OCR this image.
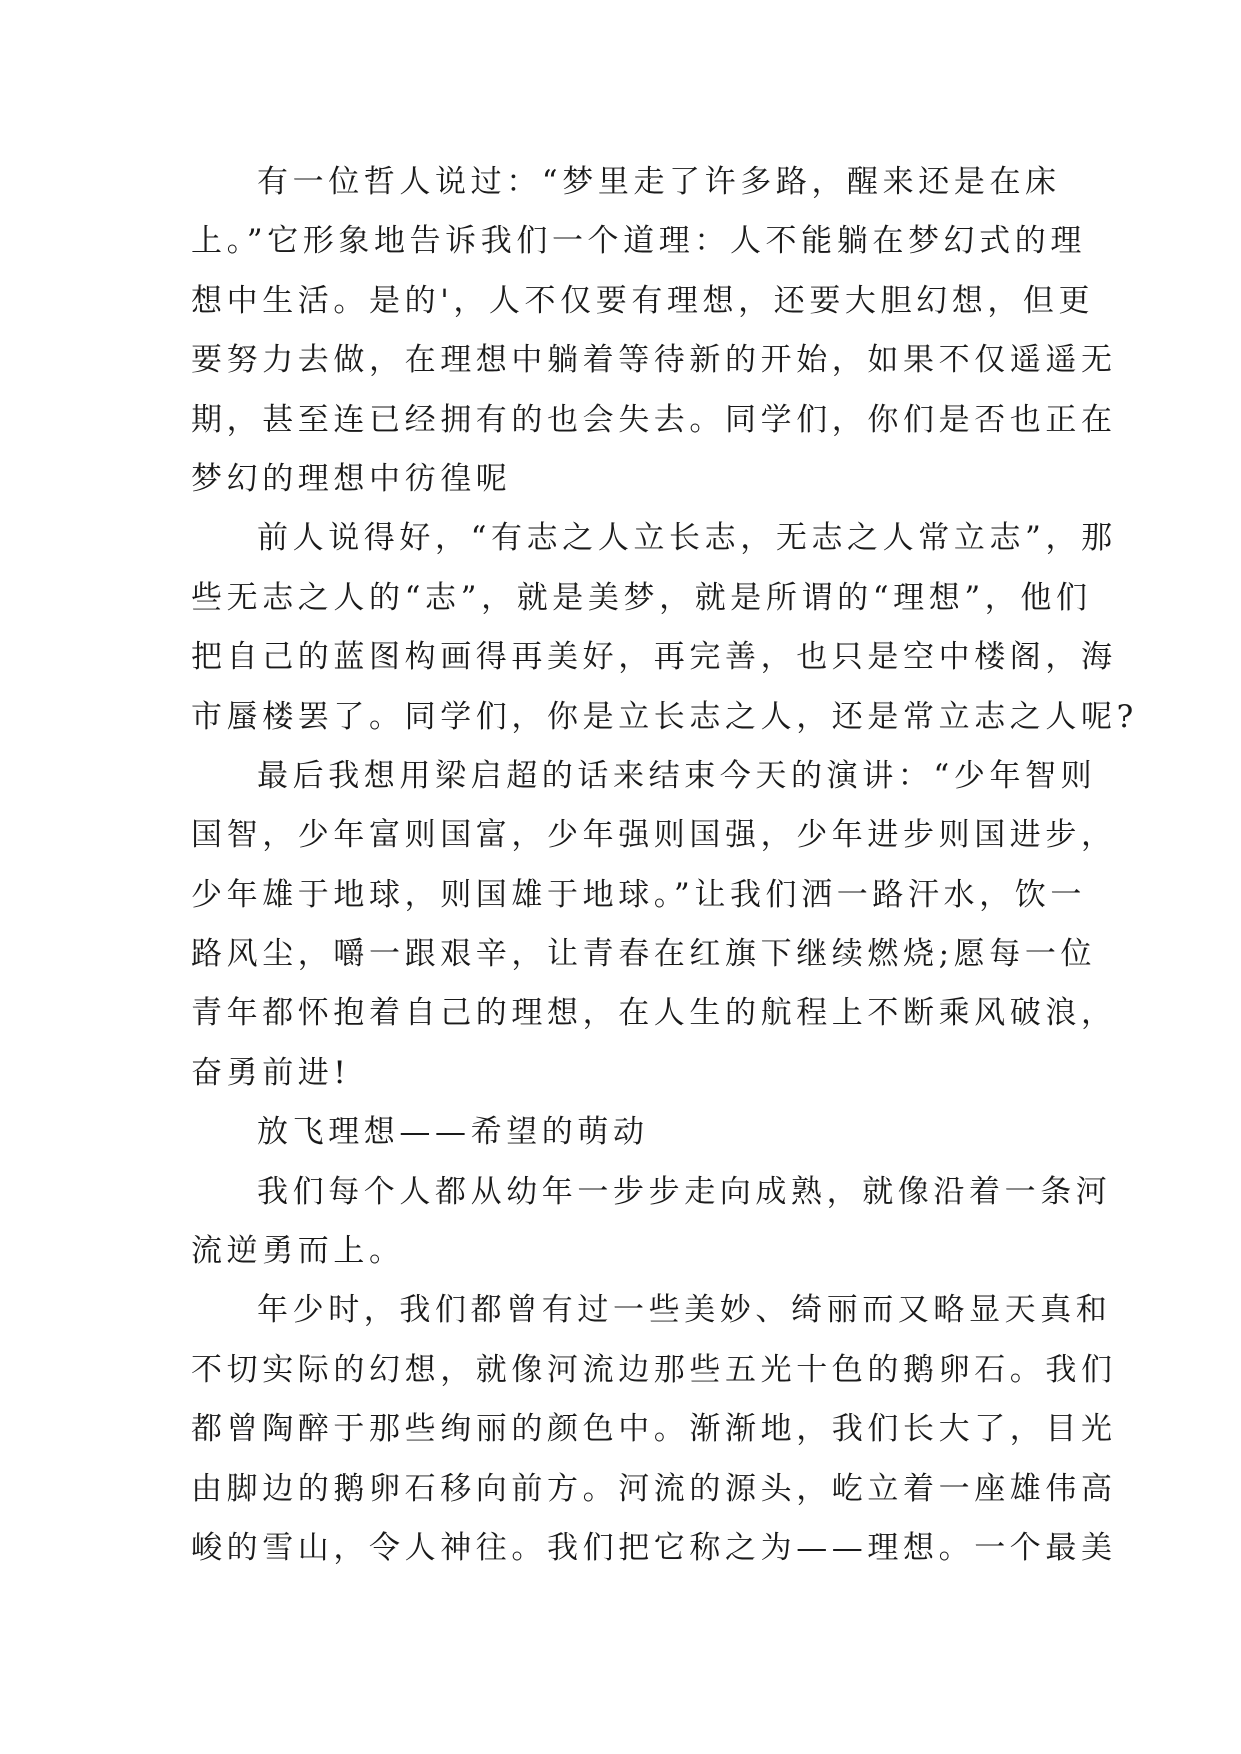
有一位哲人说过：“梦里走了许多路，醒来还是在床
上。”它形象地告诉我们一个道理：人不能躺在梦幻式的理
想中生活。是的'，人不仅要有理想，还要大胆幻想，但更
要努力去做，在理想中躺着等待新的开始，如果不仅遥遥无
期，甚至连已经拥有的也会失去。同学们，你们是否也正在
梦幻的理想中彷徨呢
前人说得好，“有志之人立长志，无志之人常立志”，那
些无志之人的“志”，就是美梦，就是所谓的“理想”，他们
把自己的蓝图构画得再美好，再完善，也只是空中楼阁，海
市蜃楼罢了。同学们，你是立长志之人，还是常立志之人呢?
最后我想用梁启超的话来结束今天的演讲：“少年智则
国智，少年富则国富，少年强则国强，少年进步则国进步，
少年雄于地球，则国雄于地球。”让我们洒一路汗水，饮一
路风尘，嚼一跟艰辛，让青春在红旗下继续燃烧;愿每一位
青年都怀抱着自己的理想，在人生的航程上不断乘风破浪，
奋勇前进!
放飞理想——希望的萌动
我们每个人都从幼年一步步走向成熟，就像沿着一条河
流逆勇而上。
年少时，我们都曾有过一些美妙、绮丽而又略显天真和
不切实际的幻想，就像河流边那些五光十色的鹅卵石。我们
都曾陶醉于那些绚丽的颜色中。渐渐地，我们长大了，目光
由脚边的鹅卵石移向前方。河流的源头，屹立着一座雄伟高
峻的雪山，令人神往。我们把它称之为——理想。一个最美
